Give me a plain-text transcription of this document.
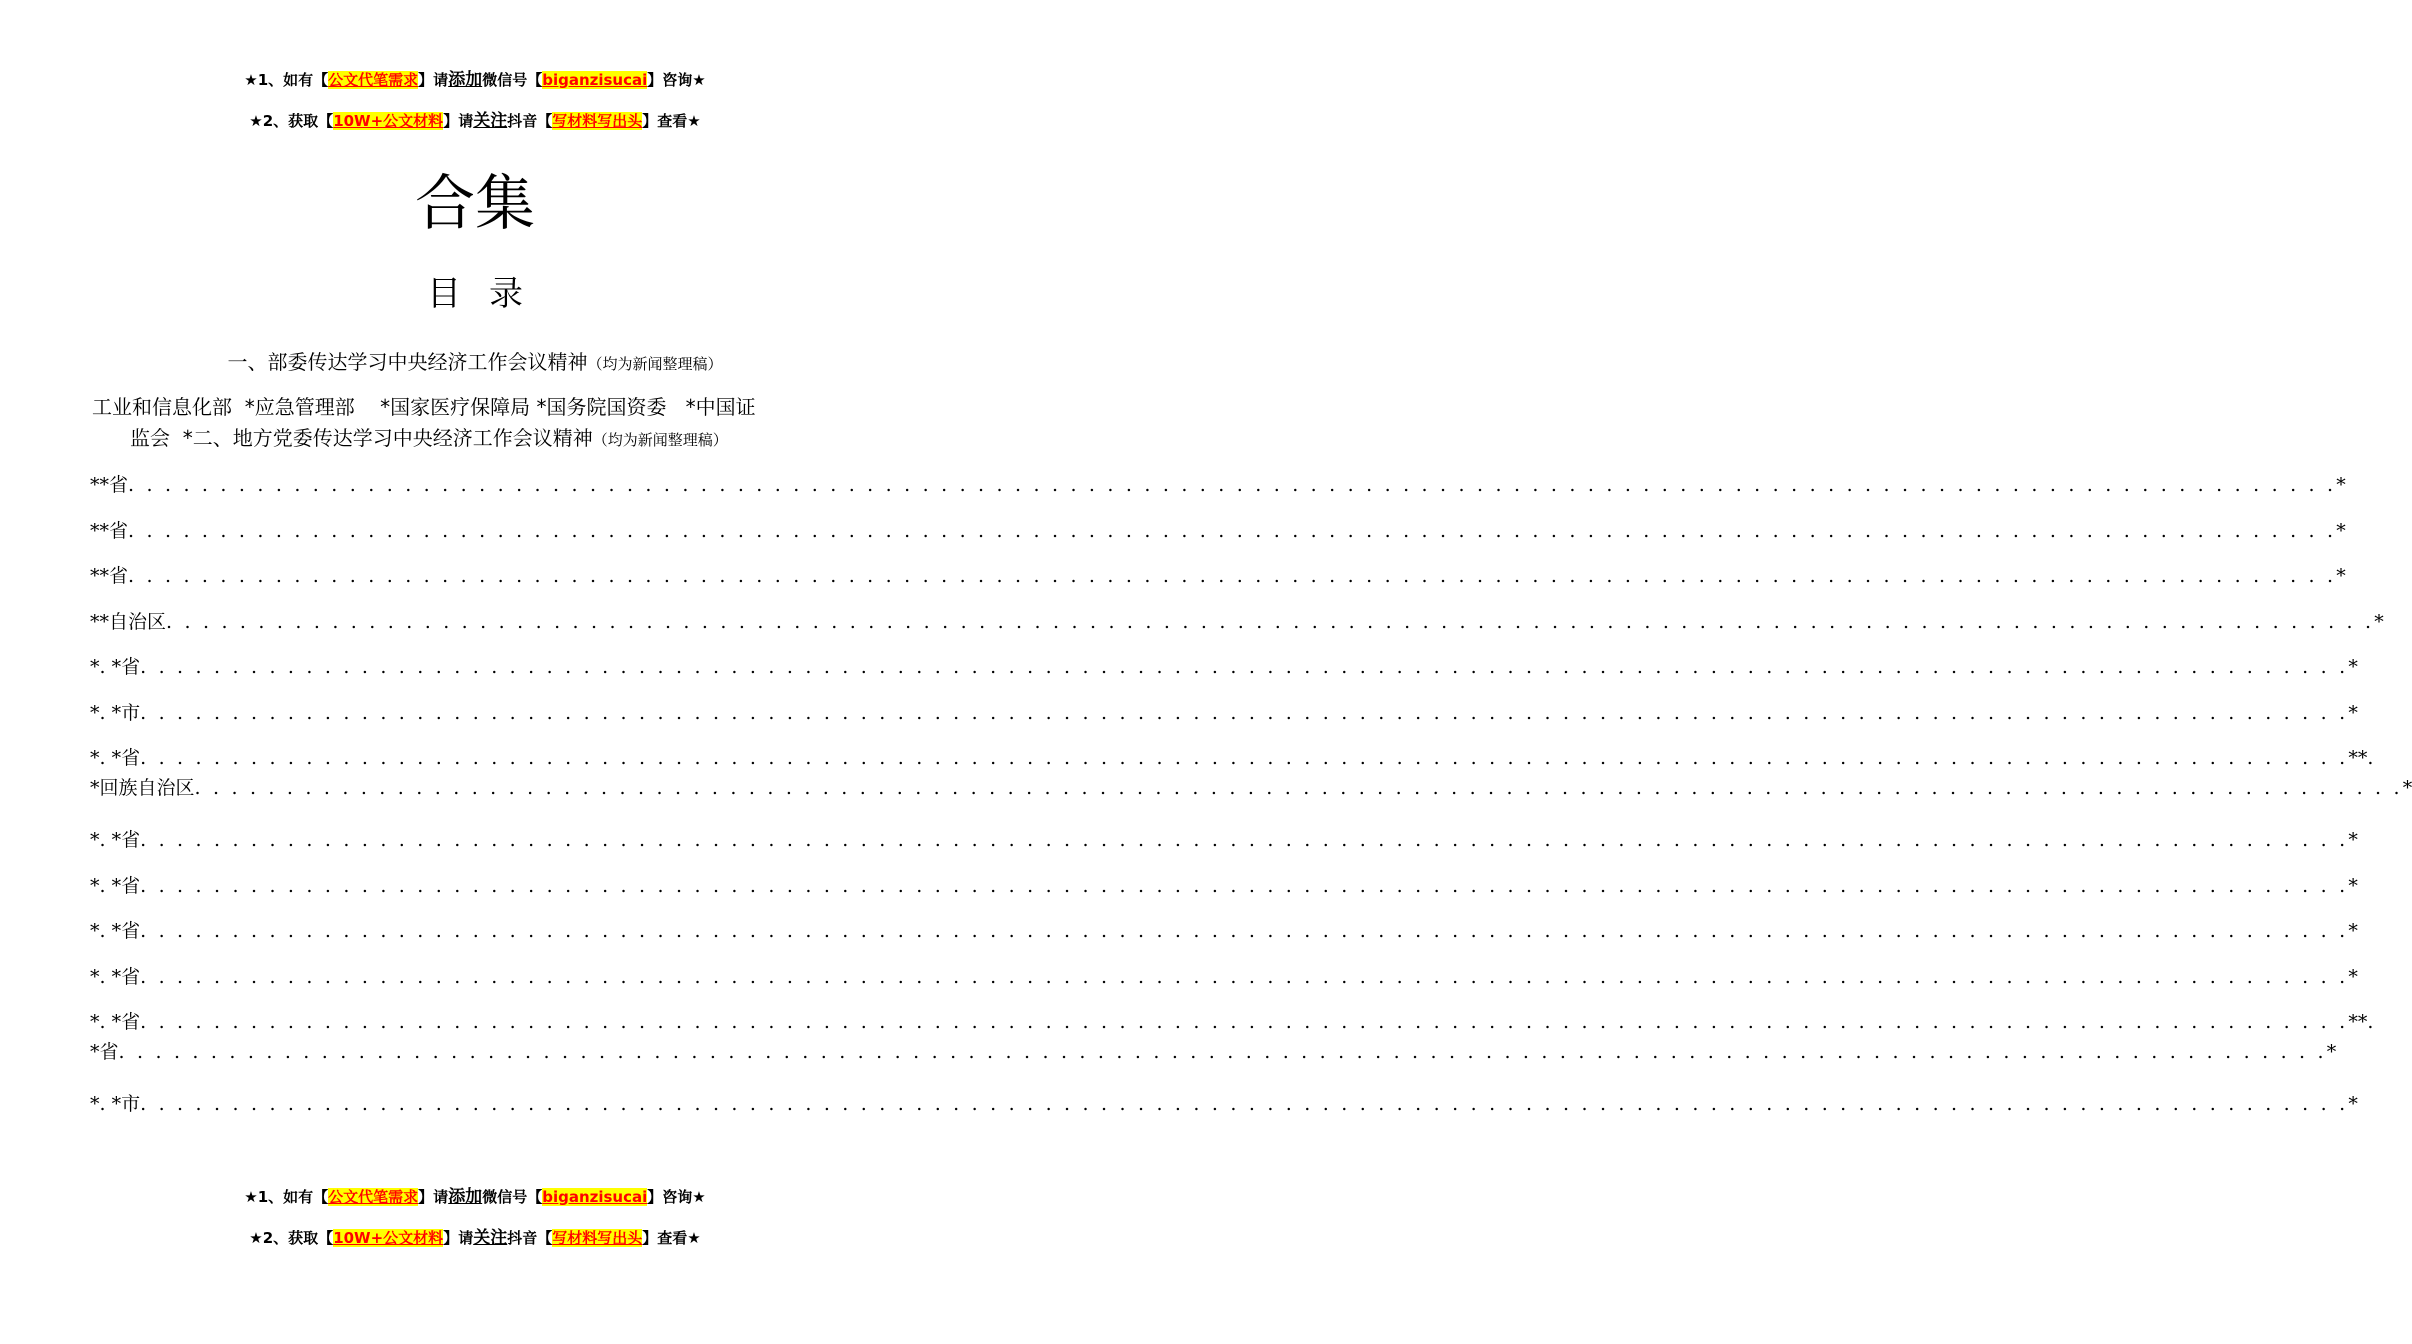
★1、如有【公文代笔需求】请添加微信号【biganzisucai】咨询★
★2、获取【10W+公文材料】请关注抖音【写材料写出头】查看★
合集
目录
一、部委传达学习中央经济工作会议精神（均为新闻整理稿）
工业和信息化部  *应急管理部    *国家医疗保障局 *国务院国资委   *中国证
监会  *二、地方党委传达学习中央经济工作会议精神（均为新闻整理稿）
**省 . . . . . . . . . . . . . . . . . . . . . . . . . . . . . . . . . . . . . . . . . . . . . . . . . . . . . . . . . . . . . . . . . . . . . . . . . . . . . . . . . . . . . . . . . . . . . . . . . . . . . . . . . . . . . . . . . . . . . . . . *
**省 . . . . . . . . . . . . . . . . . . . . . . . . . . . . . . . . . . . . . . . . . . . . . . . . . . . . . . . . . . . . . . . . . . . . . . . . . . . . . . . . . . . . . . . . . . . . . . . . . . . . . . . . . . . . . . . . . . . . . . . . *
**省 . . . . . . . . . . . . . . . . . . . . . . . . . . . . . . . . . . . . . . . . . . . . . . . . . . . . . . . . . . . . . . . . . . . . . . . . . . . . . . . . . . . . . . . . . . . . . . . . . . . . . . . . . . . . . . . . . . . . . . . . *
**自治区 . . . . . . . . . . . . . . . . . . . . . . . . . . . . . . . . . . . . . . . . . . . . . . . . . . . . . . . . . . . . . . . . . . . . . . . . . . . . . . . . . . . . . . . . . . . . . . . . . . . . . . . . . . . . . . . . . . . . . . . . *
*. *省 . . . . . . . . . . . . . . . . . . . . . . . . . . . . . . . . . . . . . . . . . . . . . . . . . . . . . . . . . . . . . . . . . . . . . . . . . . . . . . . . . . . . . . . . . . . . . . . . . . . . . . . . . . . . . . . . . . . . . . . . *
*. *市 . . . . . . . . . . . . . . . . . . . . . . . . . . . . . . . . . . . . . . . . . . . . . . . . . . . . . . . . . . . . . . . . . . . . . . . . . . . . . . . . . . . . . . . . . . . . . . . . . . . . . . . . . . . . . . . . . . . . . . . . *
*. *省 . . . . . . . . . . . . . . . . . . . . . . . . . . . . . . . . . . . . . . . . . . . . . . . . . . . . . . . . . . . . . . . . . . . . . . . . . . . . . . . . . . . . . . . . . . . . . . . . . . . . . . . . . . . . . . . . . . . . . . . . **.
*回族自治区 . . . . . . . . . . . . . . . . . . . . . . . . . . . . . . . . . . . . . . . . . . . . . . . . . . . . . . . . . . . . . . . . . . . . . . . . . . . . . . . . . . . . . . . . . . . . . . . . . . . . . . . . . . . . . . . . . . . . . . . . *
*. *省 . . . . . . . . . . . . . . . . . . . . . . . . . . . . . . . . . . . . . . . . . . . . . . . . . . . . . . . . . . . . . . . . . . . . . . . . . . . . . . . . . . . . . . . . . . . . . . . . . . . . . . . . . . . . . . . . . . . . . . . . *
*. *省 . . . . . . . . . . . . . . . . . . . . . . . . . . . . . . . . . . . . . . . . . . . . . . . . . . . . . . . . . . . . . . . . . . . . . . . . . . . . . . . . . . . . . . . . . . . . . . . . . . . . . . . . . . . . . . . . . . . . . . . . *
*. *省 . . . . . . . . . . . . . . . . . . . . . . . . . . . . . . . . . . . . . . . . . . . . . . . . . . . . . . . . . . . . . . . . . . . . . . . . . . . . . . . . . . . . . . . . . . . . . . . . . . . . . . . . . . . . . . . . . . . . . . . . *
*. *省 . . . . . . . . . . . . . . . . . . . . . . . . . . . . . . . . . . . . . . . . . . . . . . . . . . . . . . . . . . . . . . . . . . . . . . . . . . . . . . . . . . . . . . . . . . . . . . . . . . . . . . . . . . . . . . . . . . . . . . . . *
*. *省 . . . . . . . . . . . . . . . . . . . . . . . . . . . . . . . . . . . . . . . . . . . . . . . . . . . . . . . . . . . . . . . . . . . . . . . . . . . . . . . . . . . . . . . . . . . . . . . . . . . . . . . . . . . . . . . . . . . . . . . . **.
*省 . . . . . . . . . . . . . . . . . . . . . . . . . . . . . . . . . . . . . . . . . . . . . . . . . . . . . . . . . . . . . . . . . . . . . . . . . . . . . . . . . . . . . . . . . . . . . . . . . . . . . . . . . . . . . . . . . . . . . . . . *
*. *市 . . . . . . . . . . . . . . . . . . . . . . . . . . . . . . . . . . . . . . . . . . . . . . . . . . . . . . . . . . . . . . . . . . . . . . . . . . . . . . . . . . . . . . . . . . . . . . . . . . . . . . . . . . . . . . . . . . . . . . . . *
★1、如有【公文代笔需求】请添加微信号【biganzisucai】咨询★
★2、获取【10W+公文材料】请关注抖音【写材料写出头】查看★
